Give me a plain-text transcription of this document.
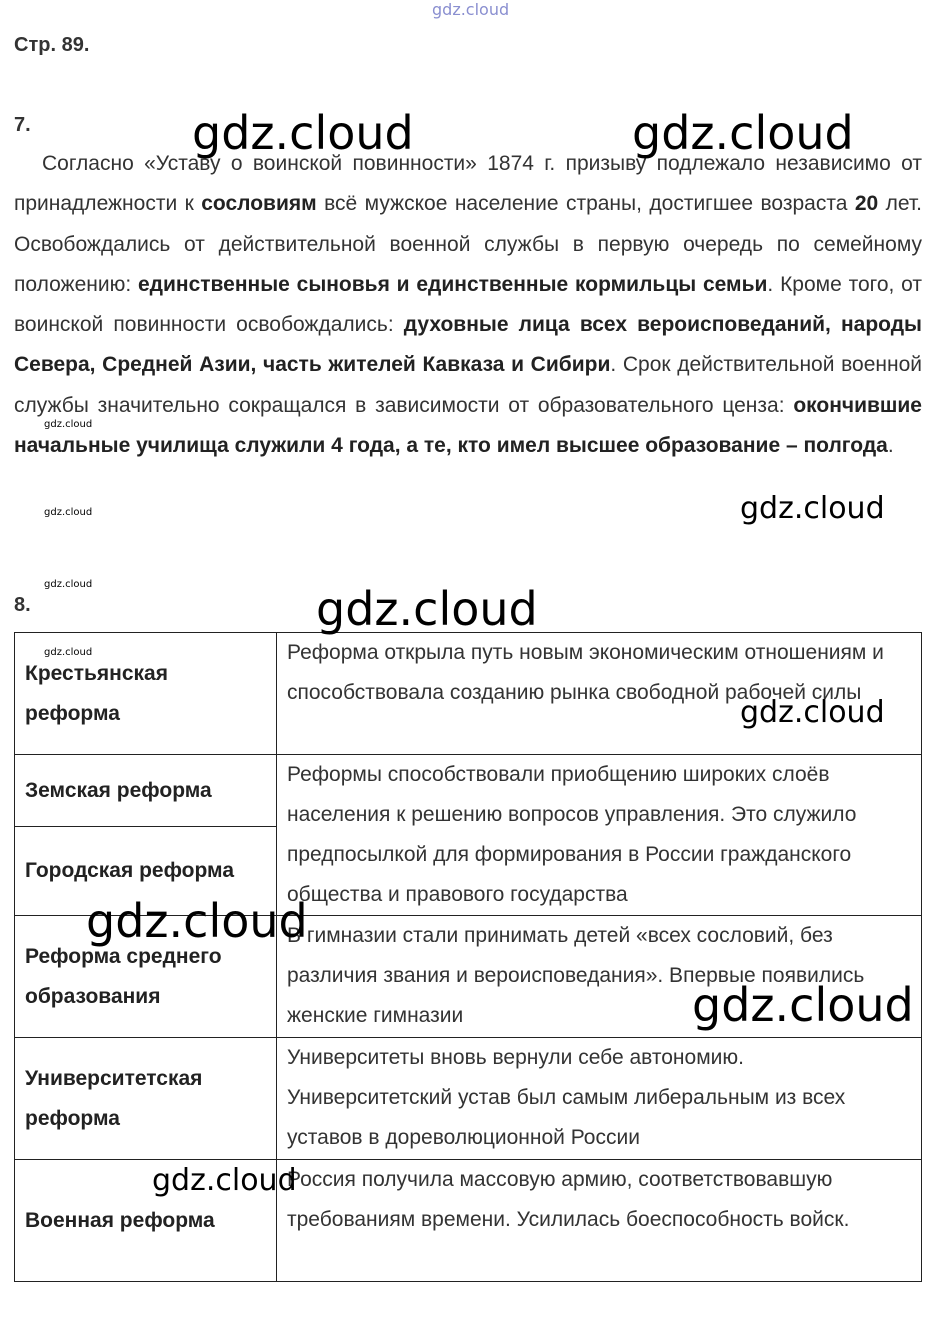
gdz.cloud
Стр. 89.
7.
Согласно «Уставу о воинской повинности» 1874 г. призыву подлежало независимо от принадлежности к сословиям всё мужское население страны, достигшее возраста 20 лет. Освобождались от действительной военной службы в первую очередь по семейному положению: единственные сыновья и единственные кормильцы семьи. Кроме того, от воинской повинности освобождались: духовные лица всех вероисповеданий, народы Севера, Средней Азии, часть жителей Кавказа и Сибири. Срок действительной военной службы значительно сокращался в зависимости от образовательного ценза: окончившие начальные училища служили 4 года, а те, кто имел высшее образование – полгода.
8.
Крестьянская реформа	Реформа открыла путь новым экономическим отношениям и способствовала созданию рынка свободной рабочей силы
Земская реформа	Реформы способствовали приобщению широких слоёв населения к решению вопросов управления. Это служило предпосылкой для формирования в России гражданского общества и правового государства
Городская реформа	
Реформа среднего образования	В гимназии стали принимать детей «всех сословий, без различия звания и вероисповедания». Впервые появились женские гимназии
Университетская реформа	Университеты вновь вернули себе автономию. Университетский устав был самым либеральным из всех уставов в дореволюционной России
Военная реформа	Россия получила массовую армию, соответствовавшую требованиям времени. Усилилась боеспособность войск.
gdz.cloud	gdz.cloud
gdz.cloud
gdz.cloud	gdz.cloud
gdz.cloud	gdz.cloud
gdz.cloud
gdz.cloud
gdz.cloud
gdz.cloud
gdz.cloud
